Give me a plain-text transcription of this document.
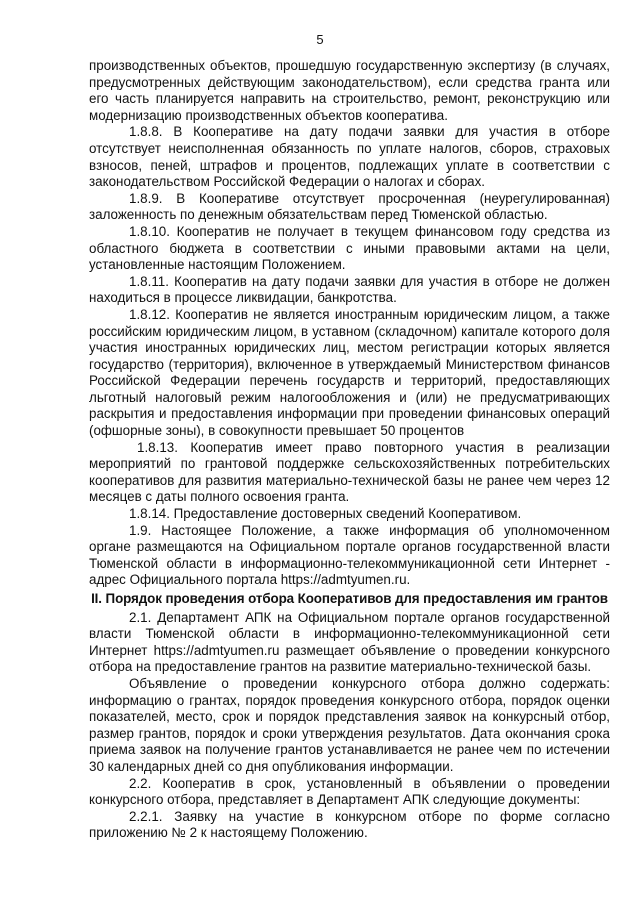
5

производственных объектов, прошедшую государственную экспертизу (в случаях, предусмотренных действующим законодательством), если средства гранта или его часть планируется направить на строительство, ремонт, реконструкцию или модернизацию производственных объектов кооператива.

1.8.8. В Кооперативе на дату подачи заявки для участия в отборе отсутствует неисполненная обязанность по уплате налогов, сборов, страховых взносов, пеней, штрафов и процентов, подлежащих уплате в соответствии с законодательством Российской Федерации о налогах и сборах.

1.8.9. В Кооперативе отсутствует просроченная (неурегулированная) заложенность по денежным обязательствам перед Тюменской областью.

1.8.10. Кооператив не получает в текущем финансовом году средства из областного бюджета в соответствии с иными правовыми актами на цели, установленные настоящим Положением.

1.8.11. Кооператив на дату подачи заявки для участия в отборе не должен находиться в процессе ликвидации, банкротства.

1.8.12. Кооператив не является иностранным юридическим лицом, а также российским юридическим лицом, в уставном (складочном) капитале которого доля участия иностранных юридических лиц, местом регистрации которых является государство (территория), включенное в утверждаемый Министерством финансов Российской Федерации перечень государств и территорий, предоставляющих льготный налоговый режим налогообложения и (или) не предусматривающих раскрытия и предоставления информации при проведении финансовых операций (офшорные зоны), в совокупности превышает 50 процентов

1.8.13. Кооператив имеет право повторного участия в реализации мероприятий по грантовой поддержке сельскохозяйственных потребительских кооперативов для развития материально-технической базы не ранее чем через 12 месяцев с даты полного освоения гранта.

1.8.14. Предоставление достоверных сведений Кооперативом.

1.9. Настоящее Положение, а также информация об уполномоченном органе размещаются на Официальном портале органов государственной власти Тюменской области в информационно-телекоммуникационной сети Интернет - адрес Официального портала https://admtyumen.ru.

II. Порядок проведения отбора Кооперативов для предоставления им грантов

2.1. Департамент АПК на Официальном портале органов государственной власти Тюменской области в информационно-телекоммуникационной сети Интернет https://admtyumen.ru размещает объявление о проведении конкурсного отбора на предоставление грантов на развитие материально-технической базы.

Объявление о проведении конкурсного отбора должно содержать: информацию о грантах, порядок проведения конкурсного отбора, порядок оценки показателей, место, срок и порядок представления заявок на конкурсный отбор, размер грантов, порядок и сроки утверждения результатов. Дата окончания срока приема заявок на получение грантов устанавливается не ранее чем по истечении 30 календарных дней со дня опубликования информации.

2.2. Кооператив в срок, установленный в объявлении о проведении конкурсного отбора, представляет в Департамент АПК следующие документы:

2.2.1. Заявку на участие в конкурсном отборе по форме согласно приложению № 2 к настоящему Положению.
